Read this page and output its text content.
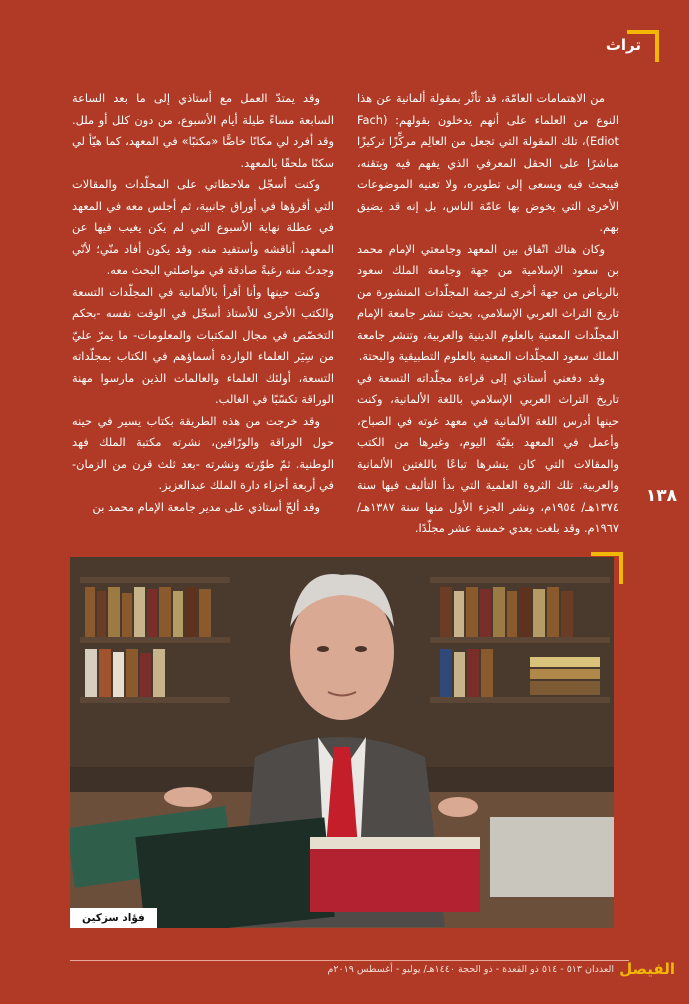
تراث

من الاهتمامات العامّة، قد تأثّر بمقولة ألمانية عن هذا النوع من العلماء على أنهم يدخلون بقولهم: (Fach Ediot)، تلك المقولة التي تجعل من العالِم مركِّزًا تركيزًا مباشرًا على الحقل المعرفي الذي يفهم فيه ويتقنه، فيبحث فيه ويسعى إلى تطويره، ولا تعنيه الموضوعات الأخرى التي يخوض بها عامّة الناس، بل إنه قد يضيق بهم.

وكان هناك اتّفاق بين المعهد وجامعتي الإمام محمد بن سعود الإسلامية من جهة وجامعة الملك سعود بالرياض من جهة أخرى لترجمة المجلّدات المنشورة من تاريخ التراث العربي الإسلامي، بحيث تنشر جامعة الإمام المجلّدات المعنية بالعلوم الدينية والعربية، وتنشر جامعة الملك سعود المجلّدات المعنية بالعلوم التطبيقية والبحتة.

وقد دفعني أستاذي إلى قراءة مجلّداته التسعة في تاريخ التراث العربي الإسلامي باللغة الألمانية، وكنت حينها أدرس اللغة الألمانية في معهد غوته في الصباح، وأعمل في المعهد بقيّة اليوم، وغيرها من الكتب والمقالات التي كان ينشرها تباعًا باللغتين الألمانية والعربية. تلك الثروة العلمية التي بدأ التأليف فيها سنة ١٣٧٤هـ/ ١٩٥٤م، ونشر الجزء الأول منها سنة ١٣٨٧هـ/ ١٩٦٧م. وقد بلغت بعدي خمسة عشر مجلّدًا.

وقد يمتدّ العمل مع أستاذي إلى ما بعد الساعة السابعة مساءً طيلة أيام الأسبوع، من دون كلل أو ملل. وقد أفرد لي مكانًا خاصًّا «مكتبًا» في المعهد، كما هيّأ لي سكنًا ملحقًا بالمعهد.

وكنت أسجّل ملاحظاتي على المجلّدات والمقالات التي أقرؤها في أوراق جانبية، ثم أجلس معه في المعهد في عطلة نهاية الأسبوع التي لم يكن يغيب فيها عن المعهد، أناقشه وأستفيد منه. وقد يكون أفاد منّي؛ لأنّي وجدتُ منه رغبةً صادقة في مواصلتي البحث معه.

وكنت حينها وأنا أقرأ بالألمانية في المجلّدات التسعة والكتب الأخرى للأستاذ أسجّل في الوقت نفسه -بحكم التخصّص في مجال المكتبات والمعلومات- ما يمرّ عليّ من سِيَر العلماء الواردة أسماؤهم في الكتاب بمجلّداته التسعة، أولئك العلماء والعالمات الذين مارسوا مهنة الوراقة تكسّبًا في الغالب.

وقد خرجت من هذه الطريقة بكتاب يسير في حينه حول الوراقة والورّاقين، نشرته مكتبة الملك فهد الوطنية. ثمّ طوّرته ونشرته -بعد ثلث قرن من الزمان- في أربعة أجزاء دارة الملك عبدالعزيز.

وقد ألحّ أستاذي على مدير جامعة الإمام محمد بن

١٣٨
فؤاد سزكين
العددان ٥١٣ - ٥١٤ ذو القعدة - ذو الحجة ١٤٤٠هـ/ يوليو - أغسطس ٢٠١٩م الفيصل
